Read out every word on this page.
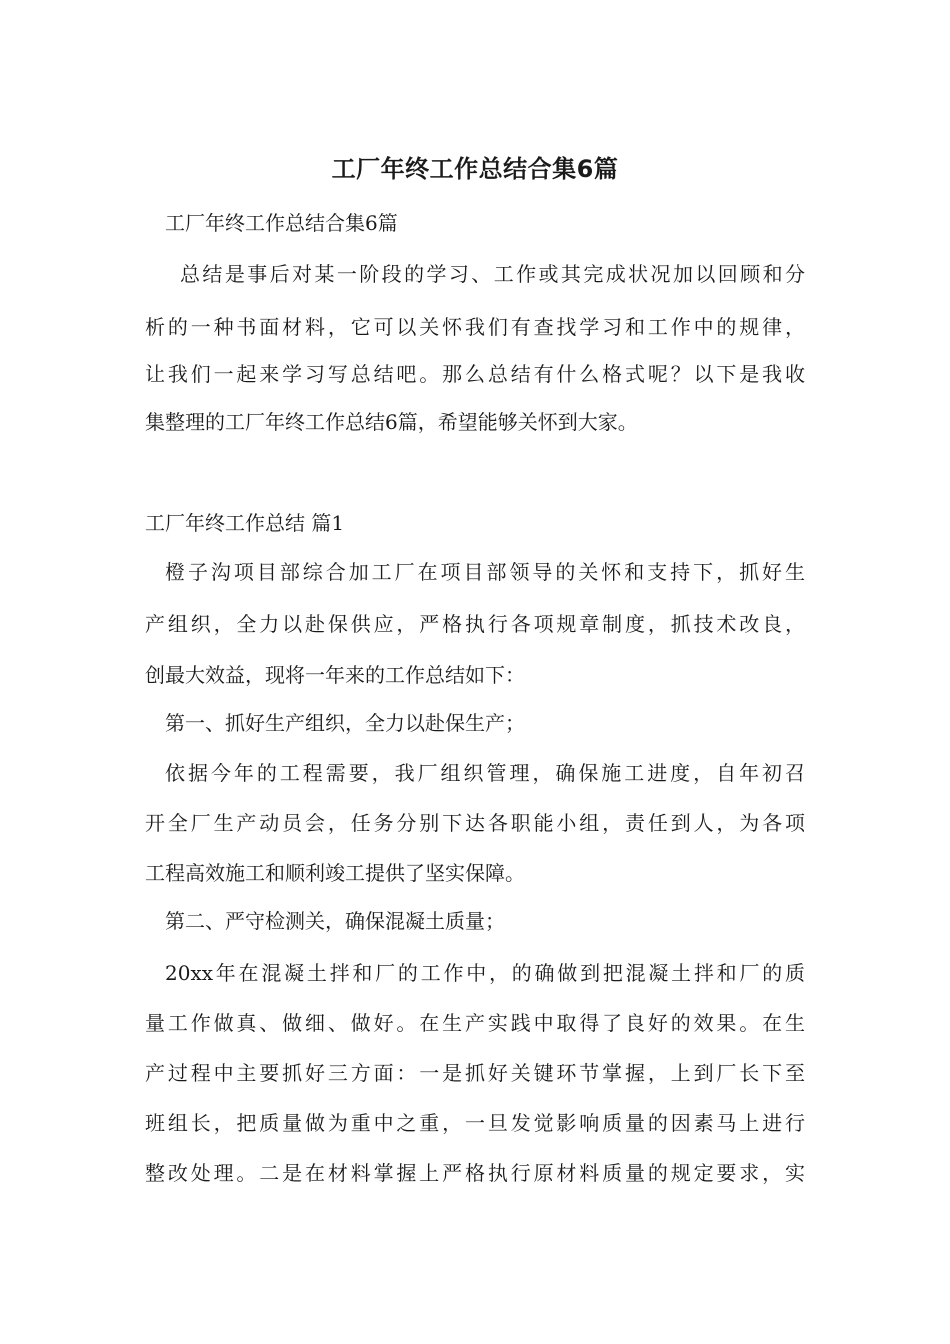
工厂年终工作总结合集6篇
工厂年终工作总结合集6篇
总结是事后对某一阶段的学习、工作或其完成状况加以回顾和分
析的一种书面材料，它可以关怀我们有查找学习和工作中的规律，
让我们一起来学习写总结吧。那么总结有什么格式呢？以下是我收
集整理的工厂年终工作总结6篇，希望能够关怀到大家。
工厂年终工作总结 篇1
橙子沟项目部综合加工厂在项目部领导的关怀和支持下，抓好生
产组织，全力以赴保供应，严格执行各项规章制度，抓技术改良，
创最大效益，现将一年来的工作总结如下：
第一、抓好生产组织，全力以赴保生产；
依据今年的工程需要，我厂组织管理，确保施工进度，自年初召
开全厂生产动员会，任务分别下达各职能小组，责任到人，为各项
工程高效施工和顺利竣工提供了坚实保障。
第二、严守检测关，确保混凝土质量；
20xx年在混凝土拌和厂的工作中，的确做到把混凝土拌和厂的质
量工作做真、做细、做好。在生产实践中取得了良好的效果。在生
产过程中主要抓好三方面：一是抓好关键环节掌握，上到厂长下至
班组长，把质量做为重中之重，一旦发觉影响质量的因素马上进行
整改处理。二是在材料掌握上严格执行原材料质量的规定要求，实
